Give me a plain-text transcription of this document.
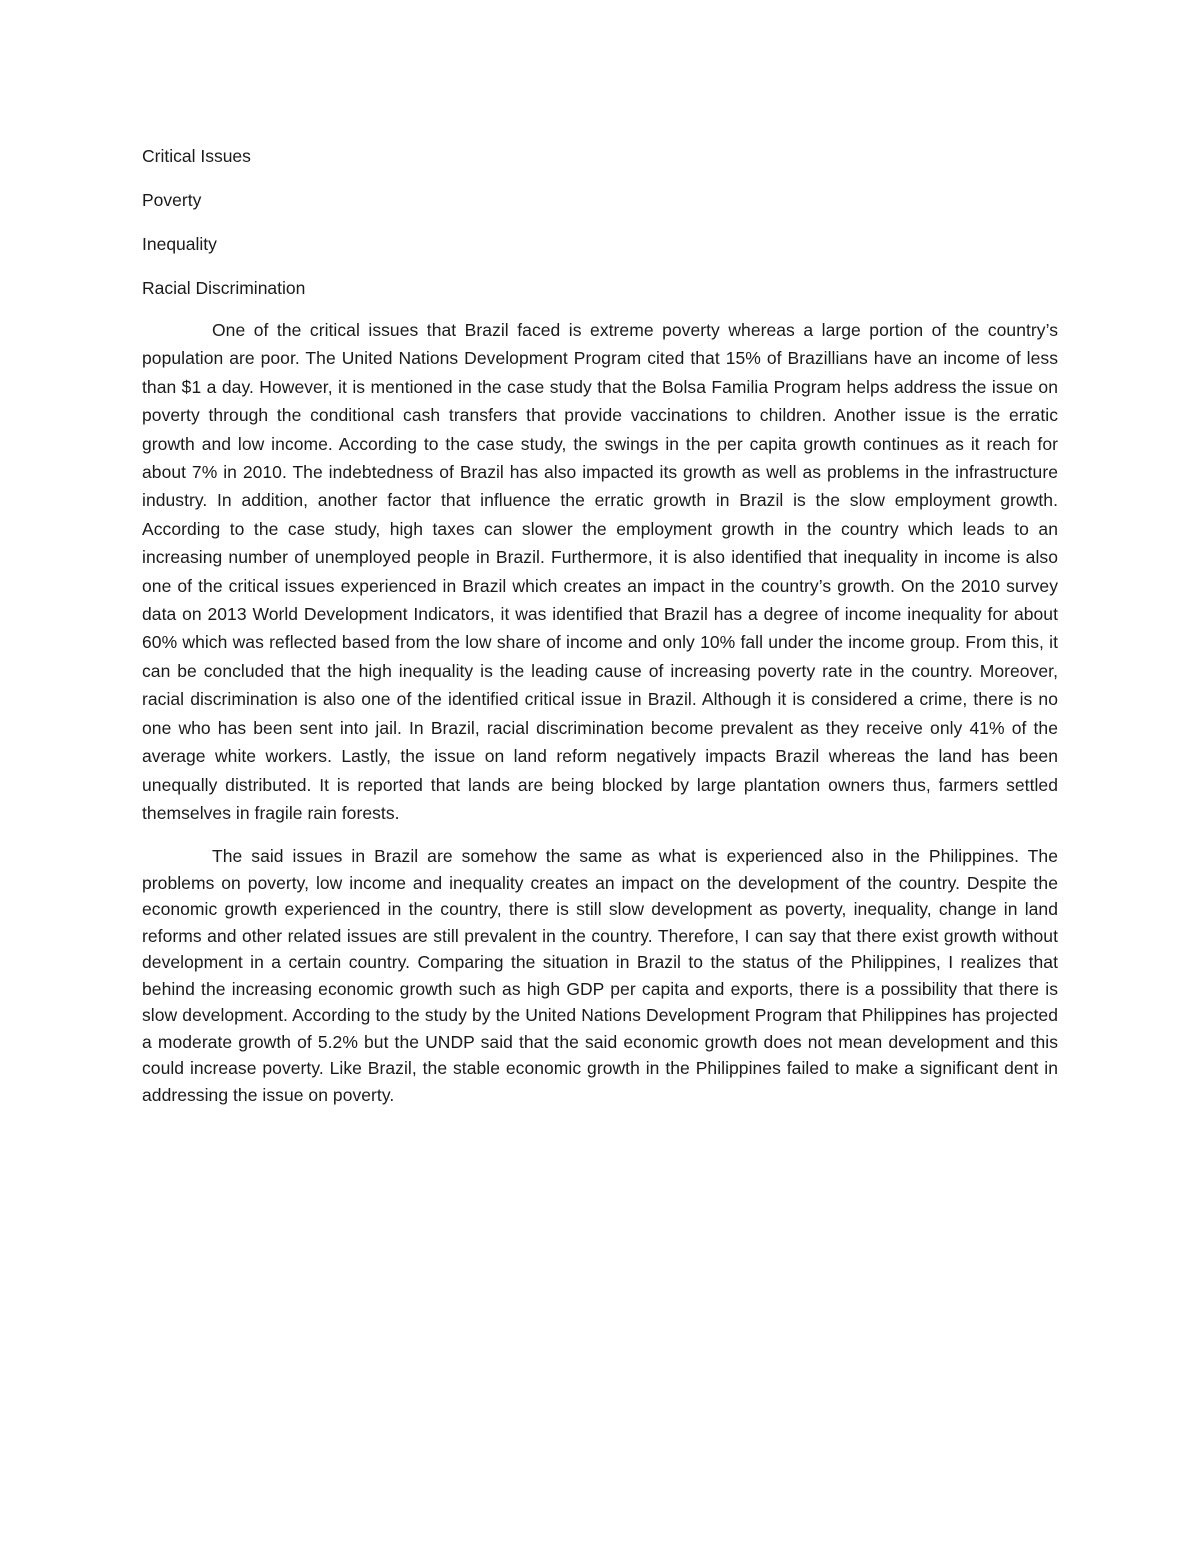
Critical Issues

Poverty

Inequality

Racial Discrimination

One of the critical issues that Brazil faced is extreme poverty whereas a large portion of the country’s population are poor. The United Nations Development Program cited that 15% of Brazillians have an income of less than $1 a day. However, it is mentioned in the case study that the Bolsa Familia Program helps address the issue on poverty through the conditional cash transfers that provide vaccinations to children. Another issue is the erratic growth and low income. According to the case study, the swings in the per capita growth continues as it reach for about 7% in 2010. The indebtedness of Brazil has also impacted its growth as well as problems in the infrastructure industry. In addition, another factor that influence the erratic growth in Brazil is the slow employment growth. According to the case study, high taxes can slower the employment growth in the country which leads to an increasing number of unemployed people in Brazil. Furthermore, it is also identified that inequality in income is also one of the critical issues experienced in Brazil which creates an impact in the country’s growth. On the 2010 survey data on 2013 World Development Indicators, it was identified that Brazil has a degree of income inequality for about 60% which was reflected based from the low share of income and only 10% fall under the income group. From this, it can be concluded that the high inequality is the leading cause of increasing poverty rate in the country. Moreover, racial discrimination is also one of the identified critical issue in Brazil. Although it is considered a crime, there is no one who has been sent into jail. In Brazil, racial discrimination become prevalent as they receive only 41% of the average white workers. Lastly, the issue on land reform negatively impacts Brazil whereas the land has been unequally distributed. It is reported that lands are being blocked by large plantation owners thus, farmers settled themselves in fragile rain forests.

The said issues in Brazil are somehow the same as what is experienced also in the Philippines. The problems on poverty, low income and inequality creates an impact on the development of the country. Despite the economic growth experienced in the country, there is still slow development as poverty, inequality, change in land reforms and other related issues are still prevalent in the country. Therefore, I can say that there exist growth without development in a certain country. Comparing the situation in Brazil to the status of the Philippines, I realizes that behind the increasing economic growth such as high GDP per capita and exports, there is a possibility that there is slow development. According to the study by the United Nations Development Program that Philippines has projected a moderate growth of 5.2% but the UNDP said that the said economic growth does not mean development and this could increase poverty. Like Brazil, the stable economic growth in the Philippines failed to make a significant dent in addressing the issue on poverty.
